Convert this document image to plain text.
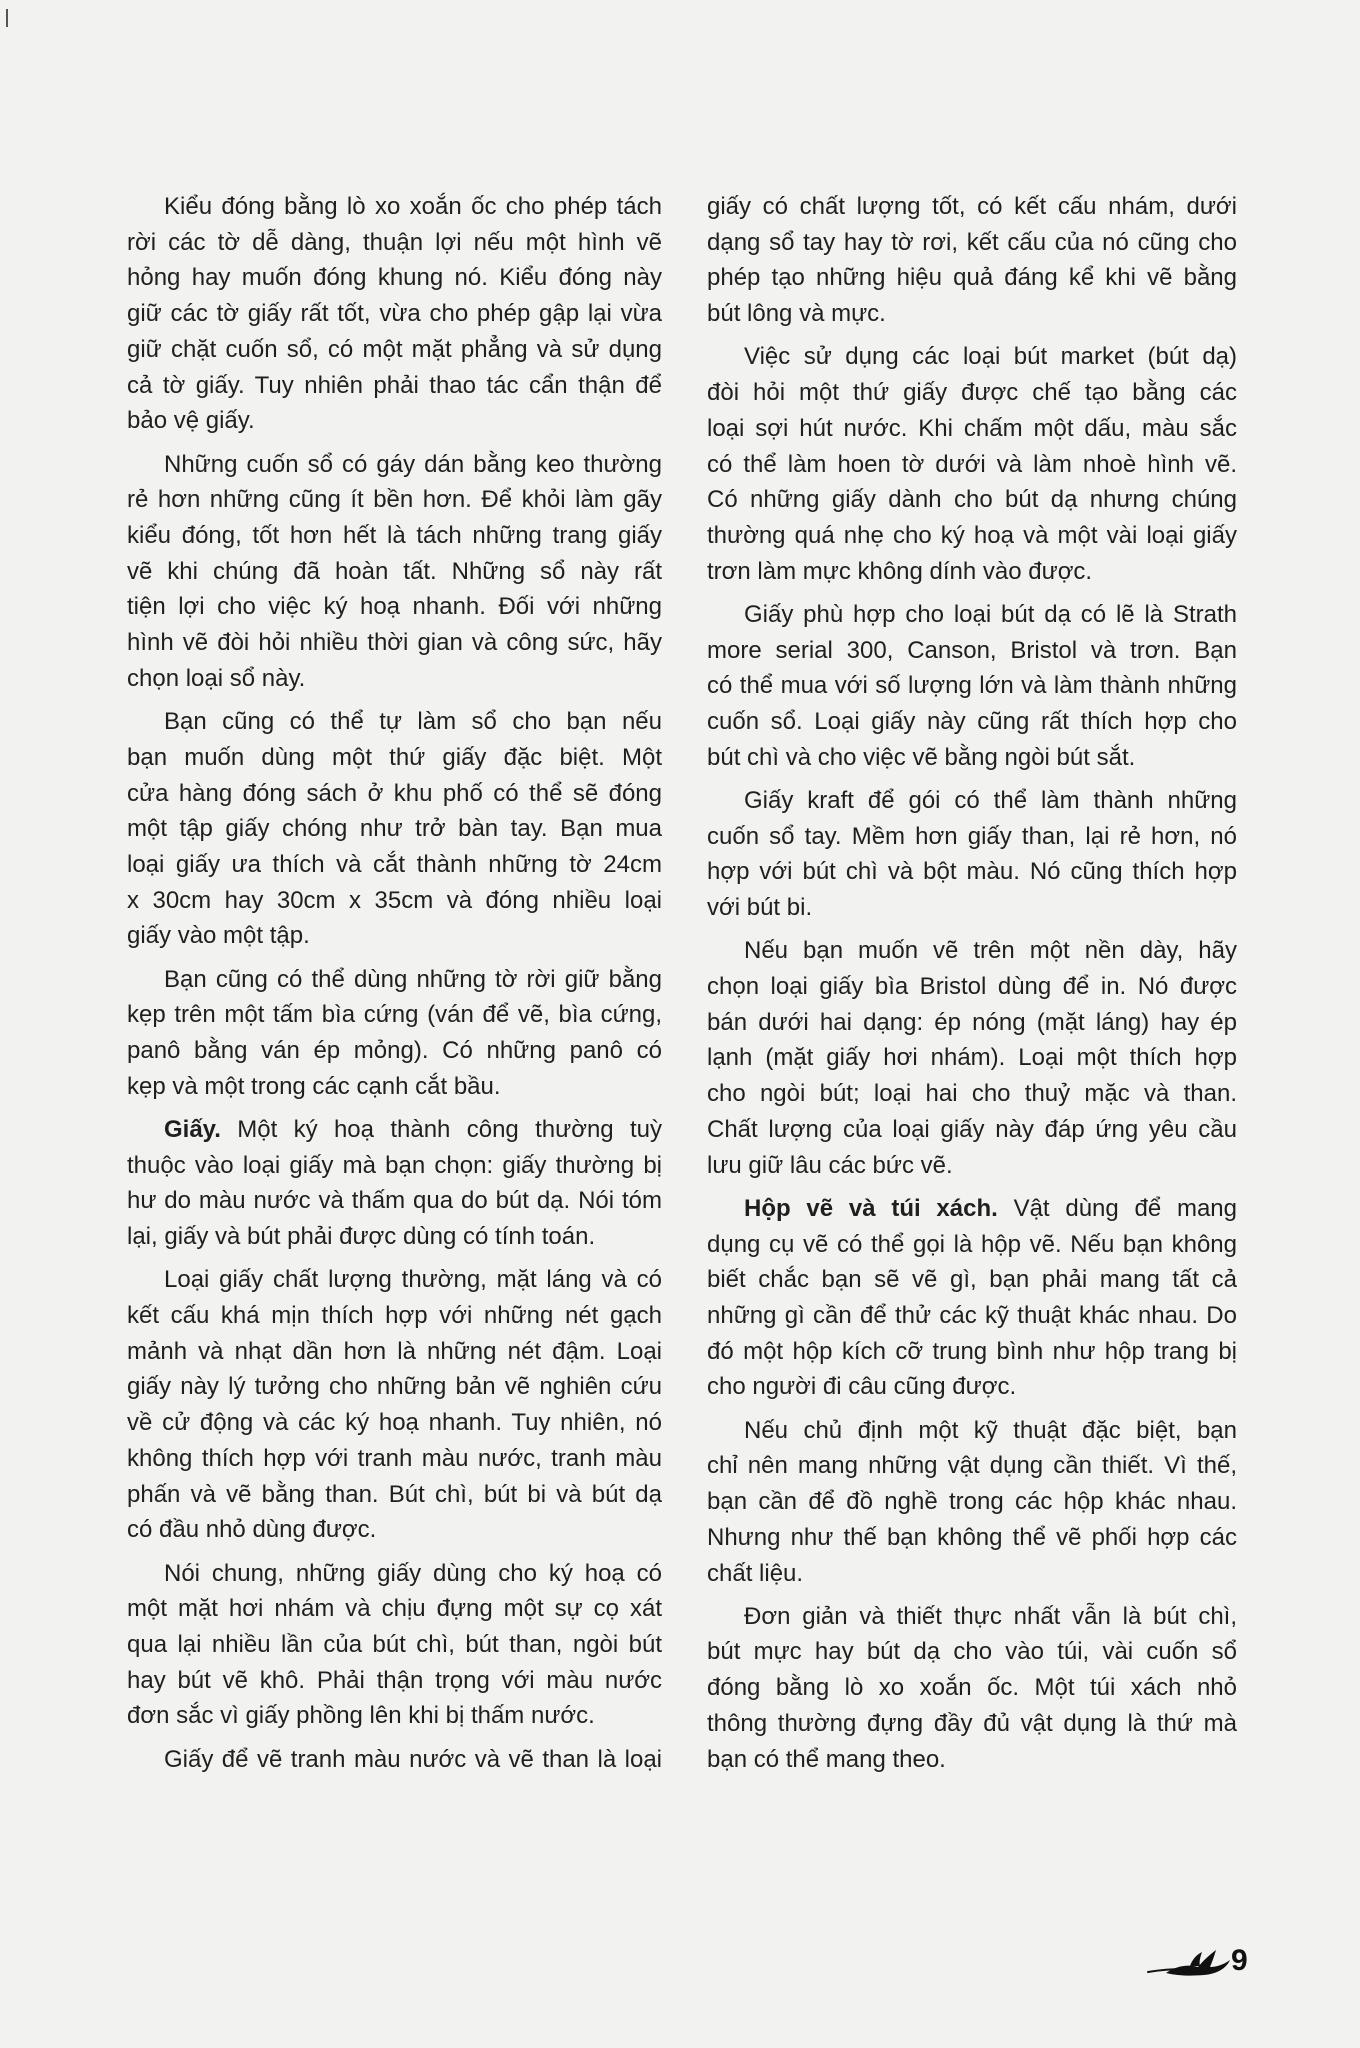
Kiểu đóng bằng lò xo xoắn ốc cho phép tách
rời các tờ dễ dàng, thuận lợi nếu một hình vẽ
hỏng hay muốn đóng khung nó. Kiểu đóng này
giữ các tờ giấy rất tốt, vừa cho phép gập lại vừa
giữ chặt cuốn sổ, có một mặt phẳng và sử dụng
cả tờ giấy. Tuy nhiên phải thao tác cẩn thận để
bảo vệ giấy.
Những cuốn sổ có gáy dán bằng keo thường
rẻ hơn những cũng ít bền hơn. Để khỏi làm gãy
kiểu đóng, tốt hơn hết là tách những trang giấy
vẽ khi chúng đã hoàn tất. Những sổ này rất
tiện lợi cho việc ký hoạ nhanh. Đối với những
hình vẽ đòi hỏi nhiều thời gian và công sức, hãy
chọn loại sổ này.
Bạn cũng có thể tự làm sổ cho bạn nếu
bạn muốn dùng một thứ giấy đặc biệt. Một
cửa hàng đóng sách ở khu phố có thể sẽ đóng
một tập giấy chóng như trở bàn tay. Bạn mua
loại giấy ưa thích và cắt thành những tờ 24cm
x 30cm hay 30cm x 35cm và đóng nhiều loại
giấy vào một tập.
Bạn cũng có thể dùng những tờ rời giữ bằng
kẹp trên một tấm bìa cứng (ván để vẽ, bìa cứng,
panô bằng ván ép mỏng). Có những panô có
kẹp và một trong các cạnh cắt bầu.
Giấy. Một ký hoạ thành công thường tuỳ
thuộc vào loại giấy mà bạn chọn: giấy thường bị
hư do màu nước và thấm qua do bút dạ. Nói tóm
lại, giấy và bút phải được dùng có tính toán.
Loại giấy chất lượng thường, mặt láng và có
kết cấu khá mịn thích hợp với những nét gạch
mảnh và nhạt dần hơn là những nét đậm. Loại
giấy này lý tưởng cho những bản vẽ nghiên cứu
về cử động và các ký hoạ nhanh. Tuy nhiên, nó
không thích hợp với tranh màu nước, tranh màu
phấn và vẽ bằng than. Bút chì, bút bi và bút dạ
có đầu nhỏ dùng được.
Nói chung, những giấy dùng cho ký hoạ có
một mặt hơi nhám và chịu đựng một sự cọ xát
qua lại nhiều lần của bút chì, bút than, ngòi bút
hay bút vẽ khô. Phải thận trọng với màu nước
đơn sắc vì giấy phồng lên khi bị thấm nước.
Giấy để vẽ tranh màu nước và vẽ than là loại
giấy có chất lượng tốt, có kết cấu nhám, dưới
dạng sổ tay hay tờ rơi, kết cấu của nó cũng cho
phép tạo những hiệu quả đáng kể khi vẽ bằng
bút lông và mực.
Việc sử dụng các loại bút market (bút dạ)
đòi hỏi một thứ giấy được chế tạo bằng các
loại sợi hút nước. Khi chấm một dấu, màu sắc
có thể làm hoen tờ dưới và làm nhoè hình vẽ.
Có những giấy dành cho bút dạ nhưng chúng
thường quá nhẹ cho ký hoạ và một vài loại giấy
trơn làm mực không dính vào được.
Giấy phù hợp cho loại bút dạ có lẽ là Strath
more serial 300, Canson, Bristol và trơn. Bạn
có thể mua với số lượng lớn và làm thành những
cuốn sổ. Loại giấy này cũng rất thích hợp cho
bút chì và cho việc vẽ bằng ngòi bút sắt.
Giấy kraft để gói có thể làm thành những
cuốn sổ tay. Mềm hơn giấy than, lại rẻ hơn, nó
hợp với bút chì và bột màu. Nó cũng thích hợp
với bút bi.
Nếu bạn muốn vẽ trên một nền dày, hãy
chọn loại giấy bìa Bristol dùng để in. Nó được
bán dưới hai dạng: ép nóng (mặt láng) hay ép
lạnh (mặt giấy hơi nhám). Loại một thích hợp
cho ngòi bút; loại hai cho thuỷ mặc và than.
Chất lượng của loại giấy này đáp ứng yêu cầu
lưu giữ lâu các bức vẽ.
Hộp vẽ và túi xách. Vật dùng để mang
dụng cụ vẽ có thể gọi là hộp vẽ. Nếu bạn không
biết chắc bạn sẽ vẽ gì, bạn phải mang tất cả
những gì cần để thử các kỹ thuật khác nhau. Do
đó một hộp kích cỡ trung bình như hộp trang bị
cho người đi câu cũng được.
Nếu chủ định một kỹ thuật đặc biệt, bạn
chỉ nên mang những vật dụng cần thiết. Vì thế,
bạn cần để đồ nghề trong các hộp khác nhau.
Nhưng như thế bạn không thể vẽ phối hợp các
chất liệu.
Đơn giản và thiết thực nhất vẫn là bút chì,
bút mực hay bút dạ cho vào túi, vài cuốn sổ
đóng bằng lò xo xoắn ốc. Một túi xách nhỏ
thông thường đựng đầy đủ vật dụng là thứ mà
bạn có thể mang theo.
9
